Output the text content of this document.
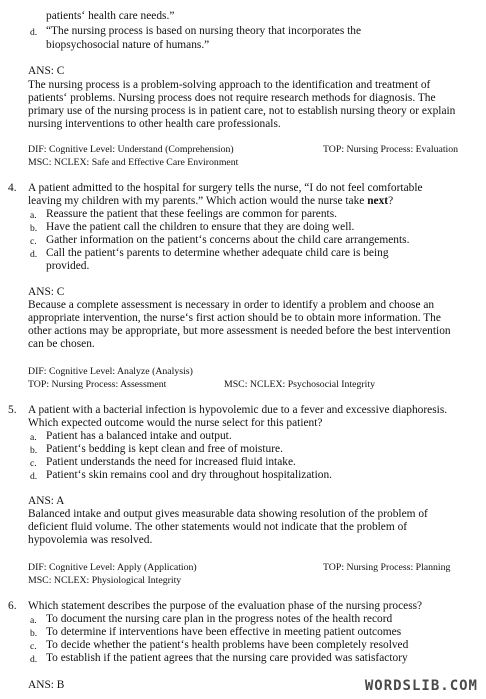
patients‘ health care needs.”
d. “The nursing process is based on nursing theory that incorporates the
biopsychosocial nature of humans.”
ANS: C
The nursing process is a problem-solving approach to the identification and treatment of
patients‘ problems. Nursing process does not require research methods for diagnosis. The
primary use of the nursing process is in patient care, not to establish nursing theory or explain
nursing interventions to other health care professionals.
DIF: Cognitive Level: Understand (Comprehension)	TOP: Nursing Process: Evaluation
MSC: NCLEX: Safe and Effective Care Environment
4. A patient admitted to the hospital for surgery tells the nurse, “I do not feel comfortable
leaving my children with my parents.” Which action would the nurse take next?
a. Reassure the patient that these feelings are common for parents.
b. Have the patient call the children to ensure that they are doing well.
c. Gather information on the patient‘s concerns about the child care arrangements.
d. Call the patient‘s parents to determine whether adequate child care is being
provided.
ANS: C
Because a complete assessment is necessary in order to identify a problem and choose an
appropriate intervention, the nurse‘s first action should be to obtain more information. The
other actions may be appropriate, but more assessment is needed before the best intervention
can be chosen.
DIF: Cognitive Level: Analyze (Analysis)
TOP: Nursing Process: Assessment	MSC: NCLEX: Psychosocial Integrity
5. A patient with a bacterial infection is hypovolemic due to a fever and excessive diaphoresis.
Which expected outcome would the nurse select for this patient?
a. Patient has a balanced intake and output.
b. Patient‘s bedding is kept clean and free of moisture.
c. Patient understands the need for increased fluid intake.
d. Patient‘s skin remains cool and dry throughout hospitalization.
ANS: A
Balanced intake and output gives measurable data showing resolution of the problem of
deficient fluid volume. The other statements would not indicate that the problem of
hypovolemia was resolved.
DIF: Cognitive Level: Apply (Application)	TOP: Nursing Process: Planning
MSC: NCLEX: Physiological Integrity
6. Which statement describes the purpose of the evaluation phase of the nursing process?
a. To document the nursing care plan in the progress notes of the health record
b. To determine if interventions have been effective in meeting patient outcomes
c. To decide whether the patient‘s health problems have been completely resolved
d. To establish if the patient agrees that the nursing care provided was satisfactory
ANS: B	WORDSLIB.COM
